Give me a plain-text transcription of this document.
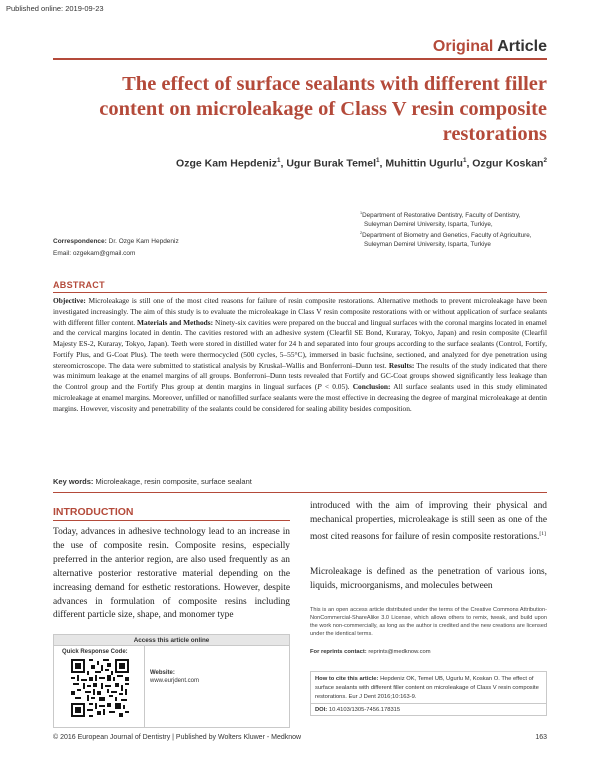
Published online: 2019-09-23
Original Article
The effect of surface sealants with different filler content on microleakage of Class V resin composite restorations
Ozge Kam Hepdeniz$^1$, Ugur Burak Temel$^1$, Muhittin Ugurlu$^1$, Ozgur Koskan$^2$
$^1$Department of Restorative Dentistry, Faculty of Dentistry, Suleyman Demirel University, Isparta, Turkiye,
$^2$Department of Biometry and Genetics, Faculty of Agriculture, Suleyman Demirel University, Isparta, Turkiye
Correspondence: Dr. Ozge Kam Hepdeniz
Email: ozgekam@gmail.com
ABSTRACT

Objective: Microleakage is still one of the most cited reasons for failure of resin composite restorations. Alternative methods to prevent microleakage have been investigated increasingly. The aim of this study is to evaluate the microleakage in Class V resin composite restorations with or without application of surface sealants with different filler content. Materials and Methods: Ninety-six cavities were prepared on the buccal and lingual surfaces with the coronal margins located in enamel and the cervical margins located in dentin. The cavities restored with an adhesive system (Clearfil SE Bond, Kuraray, Tokyo, Japan) and resin composite (Clearfil Majesty ES-2, Kuraray, Tokyo, Japan). Teeth were stored in distilled water for 24 h and separated into four groups according to the surface sealants (Control, Fortify, Fortify Plus, and G-Coat Plus). The teeth were thermocycled (500 cycles, 5–55°C), immersed in basic fuchsine, sectioned, and analyzed for dye penetration using stereomicroscope. The data were submitted to statistical analysis by Kruskal–Wallis and Bonferroni–Dunn test. Results: The results of the study indicated that there was minimum leakage at the enamel margins of all groups. Bonferroni–Dunn tests revealed that Fortify and GC-Coat groups showed significantly less leakage than the Control group and the Fortify Plus group at dentin margins in lingual surfaces (P < 0.05). Conclusion: All surface sealants used in this study eliminated microleakage at enamel margins. Moreover, unfilled or nanofilled surface sealants were the most effective in decreasing the degree of marginal microleakage at dentin margins. However, viscosity and penetrability of the sealants could be considered for sealing ability besides composition.

Key words: Microleakage, resin composite, surface sealant
INTRODUCTION

Today, advances in adhesive technology lead to an increase in the use of composite resin. Composite resins, especially preferred in the anterior region, are also used frequently as an alternative posterior restorative material depending on the increasing demand for esthetic restorations. However, despite advances in formulation of composite resins including different particle size, shape, and monomer type

introduced with the aim of improving their physical and mechanical properties, microleakage is still seen as one of the most cited reasons for failure of resin composite restorations.[1]

Microleakage is defined as the penetration of various ions, liquids, microorganisms, and molecules between

Access this article online
Quick Response Code:
Website:
www.eurjdent.com

This is an open access article distributed under the terms of the Creative Commons Attribution-NonCommercial-ShareAlike 3.0 License, which allows others to remix, tweak, and build upon the work non-commercially, as long as the author is credited and the new creations are licensed under the identical terms.

For reprints contact: reprints@medknow.com
How to cite this article: Hepdeniz OK, Temel UB, Ugurlu M, Koskan O. The effect of surface sealants with different filler content on microleakage of Class V resin composite restorations. Eur J Dent 2016;10:163-9.
DOI: 10.4103/1305-7456.178315
© 2016 European Journal of Dentistry | Published by Wolters Kluwer - Medknow	163
